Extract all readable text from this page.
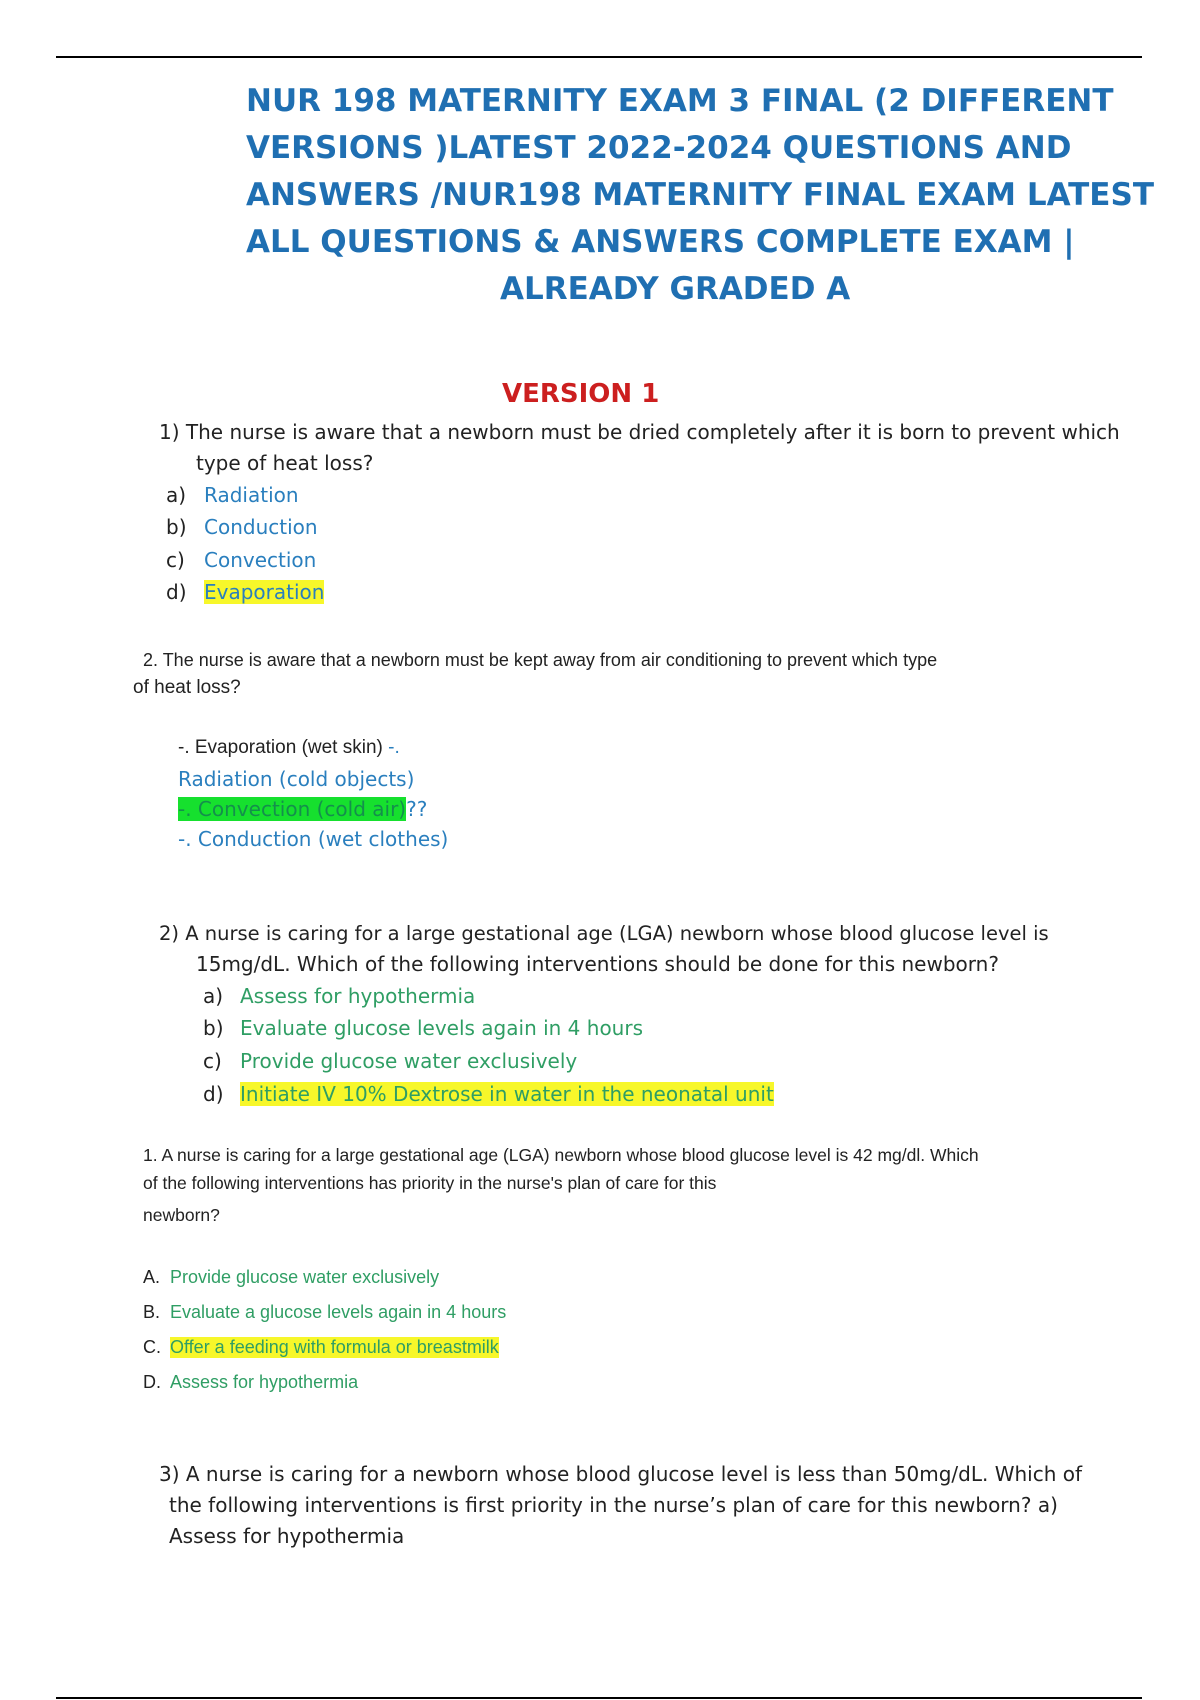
NUR 198 MATERNITY EXAM 3 FINAL (2 DIFFERENT
VERSIONS )LATEST 2022-2024 QUESTIONS AND
ANSWERS /NUR198 MATERNITY FINAL EXAM LATEST
ALL QUESTIONS & ANSWERS COMPLETE EXAM |
ALREADY GRADED A
VERSION 1
1) The nurse is aware that a newborn must be dried completely after it is born to prevent which
type of heat loss?
a) Radiation
b) Conduction
c) Convection
d) Evaporation
2. The nurse is aware that a newborn must be kept away from air conditioning to prevent which type
of heat loss?
-. Evaporation (wet skin) -.
Radiation (cold objects)
-. Convection (cold air)??
-. Conduction (wet clothes)
2) A nurse is caring for a large gestational age (LGA) newborn whose blood glucose level is
15mg/dL. Which of the following interventions should be done for this newborn?
a) Assess for hypothermia
b) Evaluate glucose levels again in 4 hours
c) Provide glucose water exclusively
d) Initiate IV 10% Dextrose in water in the neonatal unit
1. A nurse is caring for a large gestational age (LGA) newborn whose blood glucose level is 42 mg/dl. Which
of the following interventions has priority in the nurse's plan of care for this
newborn?
A. Provide glucose water exclusively
B. Evaluate a glucose levels again in 4 hours
C. Offer a feeding with formula or breastmilk
D. Assess for hypothermia
3) A nurse is caring for a newborn whose blood glucose level is less than 50mg/dL. Which of
the following interventions is first priority in the nurse’s plan of care for this newborn? a)
Assess for hypothermia
